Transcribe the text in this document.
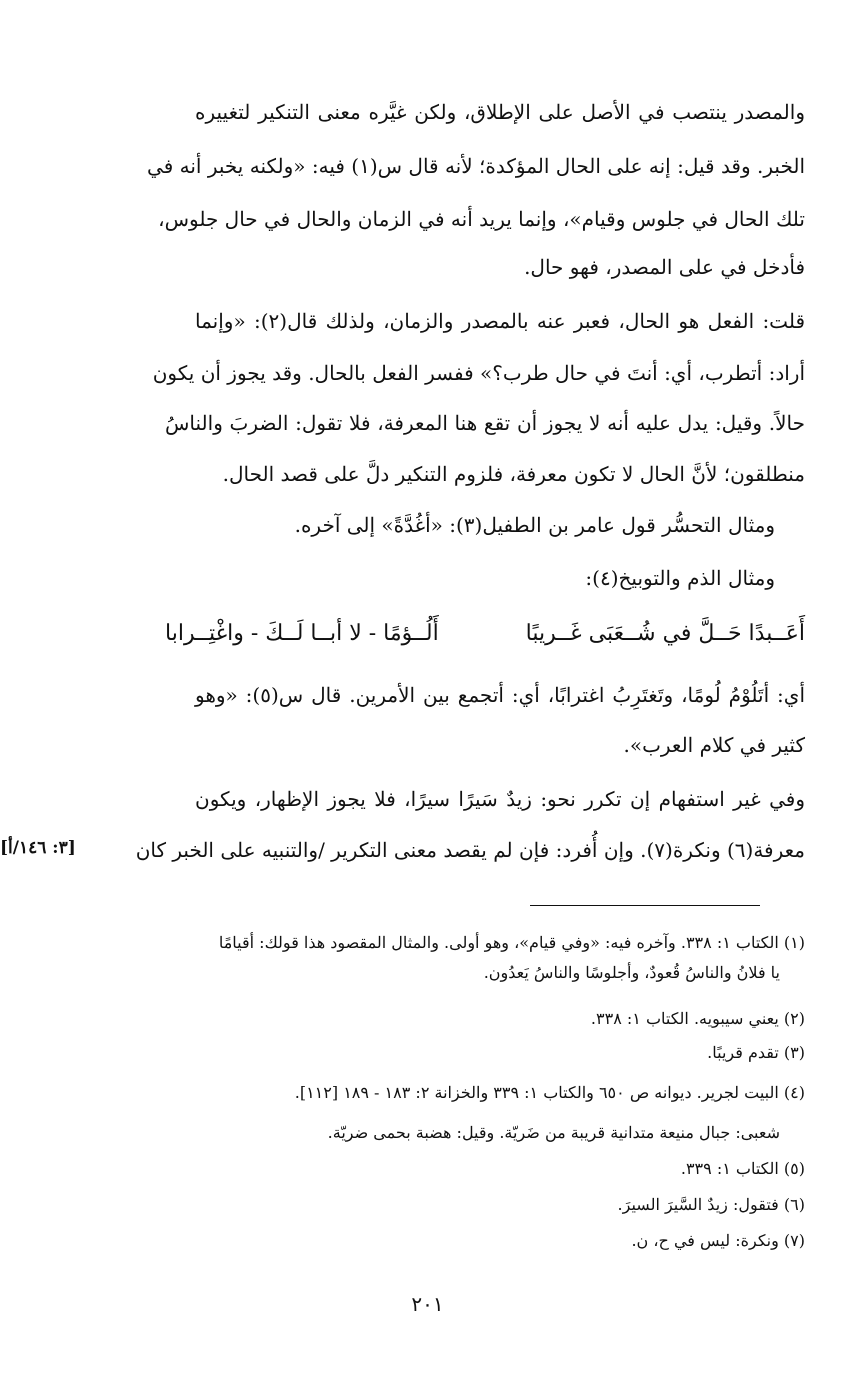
والمصدر ينتصب في الأصل على الإطلاق، ولكن غيَّره معنى التنكير لتغييره
الخبر. وقد قيل: إنه على الحال المؤكدة؛ لأنه قال س(١) فيه: «ولكنه يخبر أنه في
تلك الحال في جلوس وقيام»، وإنما يريد أنه في الزمان والحال في حال جلوس،
فأدخل في على المصدر، فهو حال.
قلت: الفعل هو الحال، فعبر عنه بالمصدر والزمان، ولذلك قال(٢): «وإنما
أراد: أتطرب، أي: أنتَ في حال طرب؟» ففسر الفعل بالحال. وقد يجوز أن يكون
حالاً. وقيل: يدل عليه أنه لا يجوز أن تقع هنا المعرفة، فلا تقول: الضربَ والناسُ
منطلقون؛ لأنَّ الحال لا تكون معرفة، فلزوم التنكير دلَّ على قصد الحال.
ومثال التحسُّر قول عامر بن الطفيل(٣): «أغُدَّةً» إلى آخره.
ومثال الذم والتوبيخ(٤):
أَعَــبدًا حَــلَّ في شُــعَبَى غَــريبًا
أَلُــؤمًا - لا أبــا لَــكَ - واغْتِــرابا
أي: أتَلُوْمُ لُومًا، وتَغتَرِبُ اغترابًا، أي: أتجمع بين الأمرين. قال س(٥): «وهو
كثير في كلام العرب».
وفي غير استفهام إن تكرر نحو: زيدٌ سَيرًا سيرًا، فلا يجوز الإظهار، ويكون
معرفة(٦) ونكرة(٧). وإن أُفرد: فإن لم يقصد معنى التكرير /والتنبيه على الخبر كان
[٣: ١٤٦/أ]
(١) الكتاب ١: ٣٣٨. وآخره فيه: «وفي قيام»، وهو أولى. والمثال المقصود هذا قولك: أقيامًا
يا فلانُ والناسُ قُعودٌ، وأجلوسًا والناسُ يَعدُون.
(٢) يعني سيبويه. الكتاب ١: ٣٣٨.
(٣) تقدم قريبًا.
(٤) البيت لجرير. ديوانه ص ٦٥٠ والكتاب ١: ٣٣٩ والخزانة ٢: ١٨٣ - ١٨٩ [١١٢].
شعبى: جبال منيعة متدانية قريبة من ضَريّة. وقيل: هضبة بحمى ضريّة.
(٥) الكتاب ١: ٣٣٩.
(٦) فتقول: زيدٌ السَّيرَ السيرَ.
(٧) ونكرة: ليس في ح، ن.
٢٠١
